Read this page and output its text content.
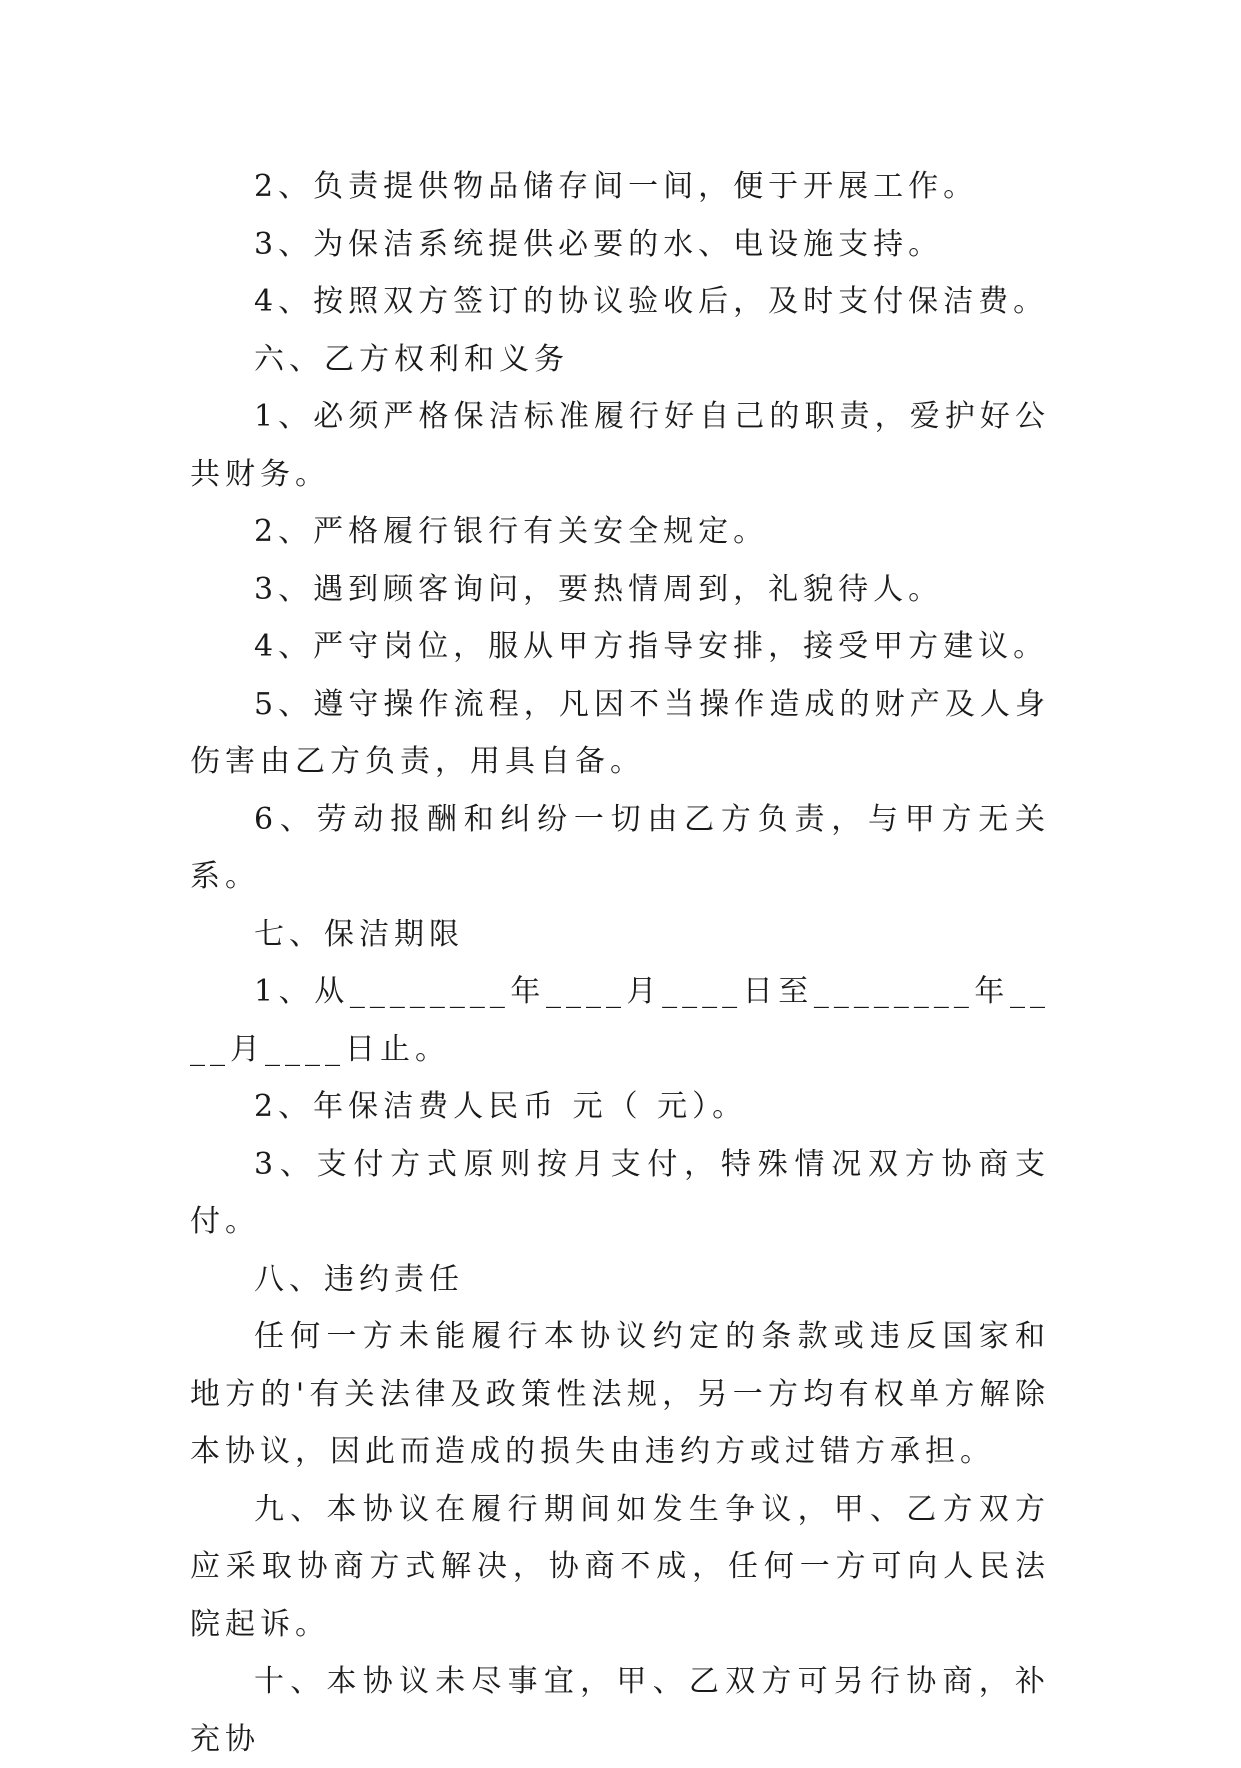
2、负责提供物品储存间一间，便于开展工作。

3、为保洁系统提供必要的水、电设施支持。

4、按照双方签订的协议验收后，及时支付保洁费。

六、乙方权利和义务

1、必须严格保洁标准履行好自己的职责，爱护好公共财务。

2、严格履行银行有关安全规定。

3、遇到顾客询问，要热情周到，礼貌待人。

4、严守岗位，服从甲方指导安排，接受甲方建议。

5、遵守操作流程，凡因不当操作造成的财产及人身伤害由乙方负责，用具自备。

6、劳动报酬和纠纷一切由乙方负责，与甲方无关系。

七、保洁期限

1、从________年____月____日至________年____月____日止。

2、年保洁费人民币 元（ 元）。

3、支付方式原则按月支付，特殊情况双方协商支付。

八、违约责任

任何一方未能履行本协议约定的条款或违反国家和地方的'有关法律及政策性法规，另一方均有权单方解除本协议，因此而造成的损失由违约方或过错方承担。

九、本协议在履行期间如发生争议，甲、乙方双方应采取协商方式解决，协商不成，任何一方可向人民法院起诉。

十、本协议未尽事宜，甲、乙双方可另行协商，补充协
